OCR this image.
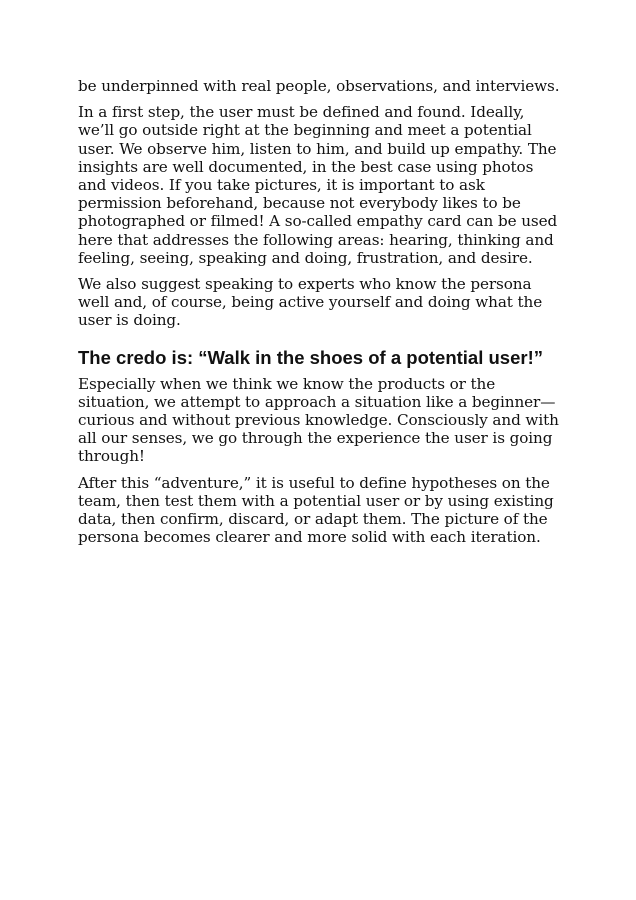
be underpinned with real people, observations, and interviews.

In a first step, the user must be defined and found. Ideally, we’ll go outside right at the beginning and meet a potential user. We observe him, listen to him, and build up empathy. The insights are well documented, in the best case using photos and videos. If you take pictures, it is important to ask permission beforehand, because not everybody likes to be photographed or filmed! A so-called empathy card can be used here that addresses the following areas: hearing, thinking and feeling, seeing, speaking and doing, frustration, and desire.

We also suggest speaking to experts who know the persona well and, of course, being active yourself and doing what the user is doing.

The credo is: “Walk in the shoes of a potential user!”

Especially when we think we know the products or the situation, we attempt to approach a situation like a beginner—curious and without previous knowledge. Consciously and with all our senses, we go through the experience the user is going through!

After this “adventure,” it is useful to define hypotheses on the team, then test them with a potential user or by using existing data, then confirm, discard, or adapt them. The picture of the persona becomes clearer and more solid with each iteration.
